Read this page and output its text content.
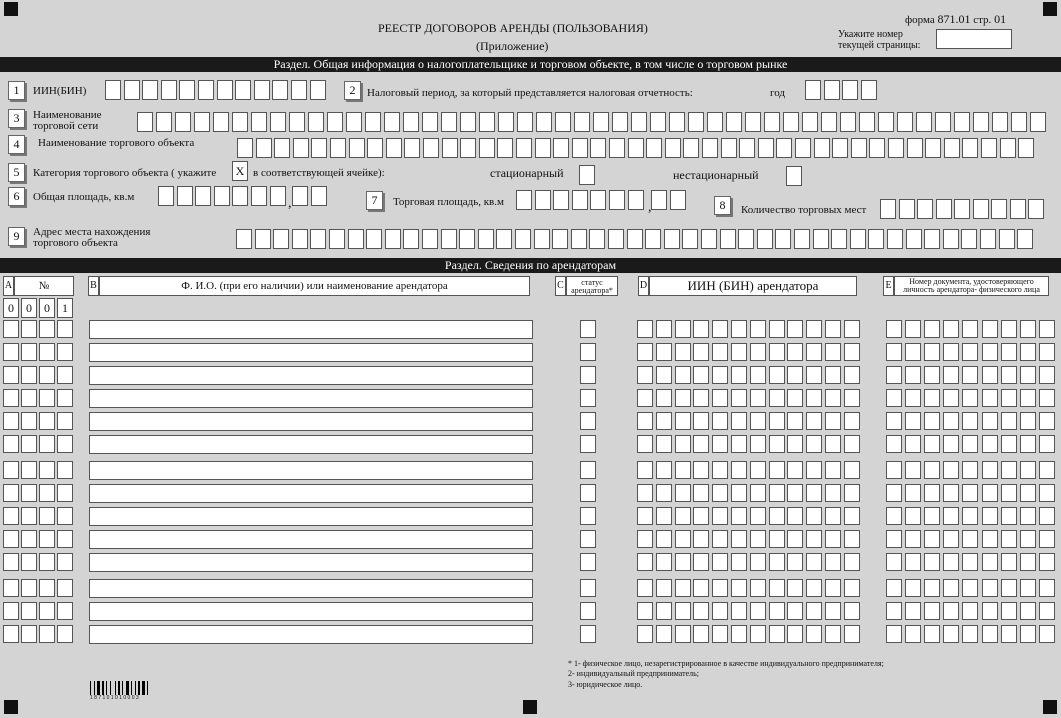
РЕЕСТР ДОГОВОРОВ АРЕНДЫ (ПОЛЬЗОВАНИЯ)
(Приложение)
форма 871.01 стр. 01
Укажите номер
текущей страницы:
Раздел. Общая информация о налогоплательщике и торговом объекте, в том числе о торговом рынке
1	ИИН(БИН)	2	Налоговый период, за который представляется налоговая отчетность:	год
3	Наименование
торговой сети
4	Наименование торгового объекта
5	Категория торгового объекта ( укажите	X в соответствующей ячейке):	стационарный	нестационарный
6	Общая площадь, кв.м	,	7	Торговая площадь, кв.м	,	8	Количество торговых мест
9	Адрес места нахождения
торгового объекта
Раздел. Сведения по арендаторам
A	№	B	Ф. И.О. (при его наличии) или наименование арендатора	C	статус
арендатора*	D	ИИН (БИН) арендатора	E	Номер документа, удостоверяющего
личность арендатора- физического лица
0	0	0	1
* 1- физическое лицо, незарегистрированное в качестве индивидуального предпринимателя;
2- индивидуальный предприниматель;
3- юридическое лицо.
1 8 7 1 0 1 0 1 0 0 0 3
